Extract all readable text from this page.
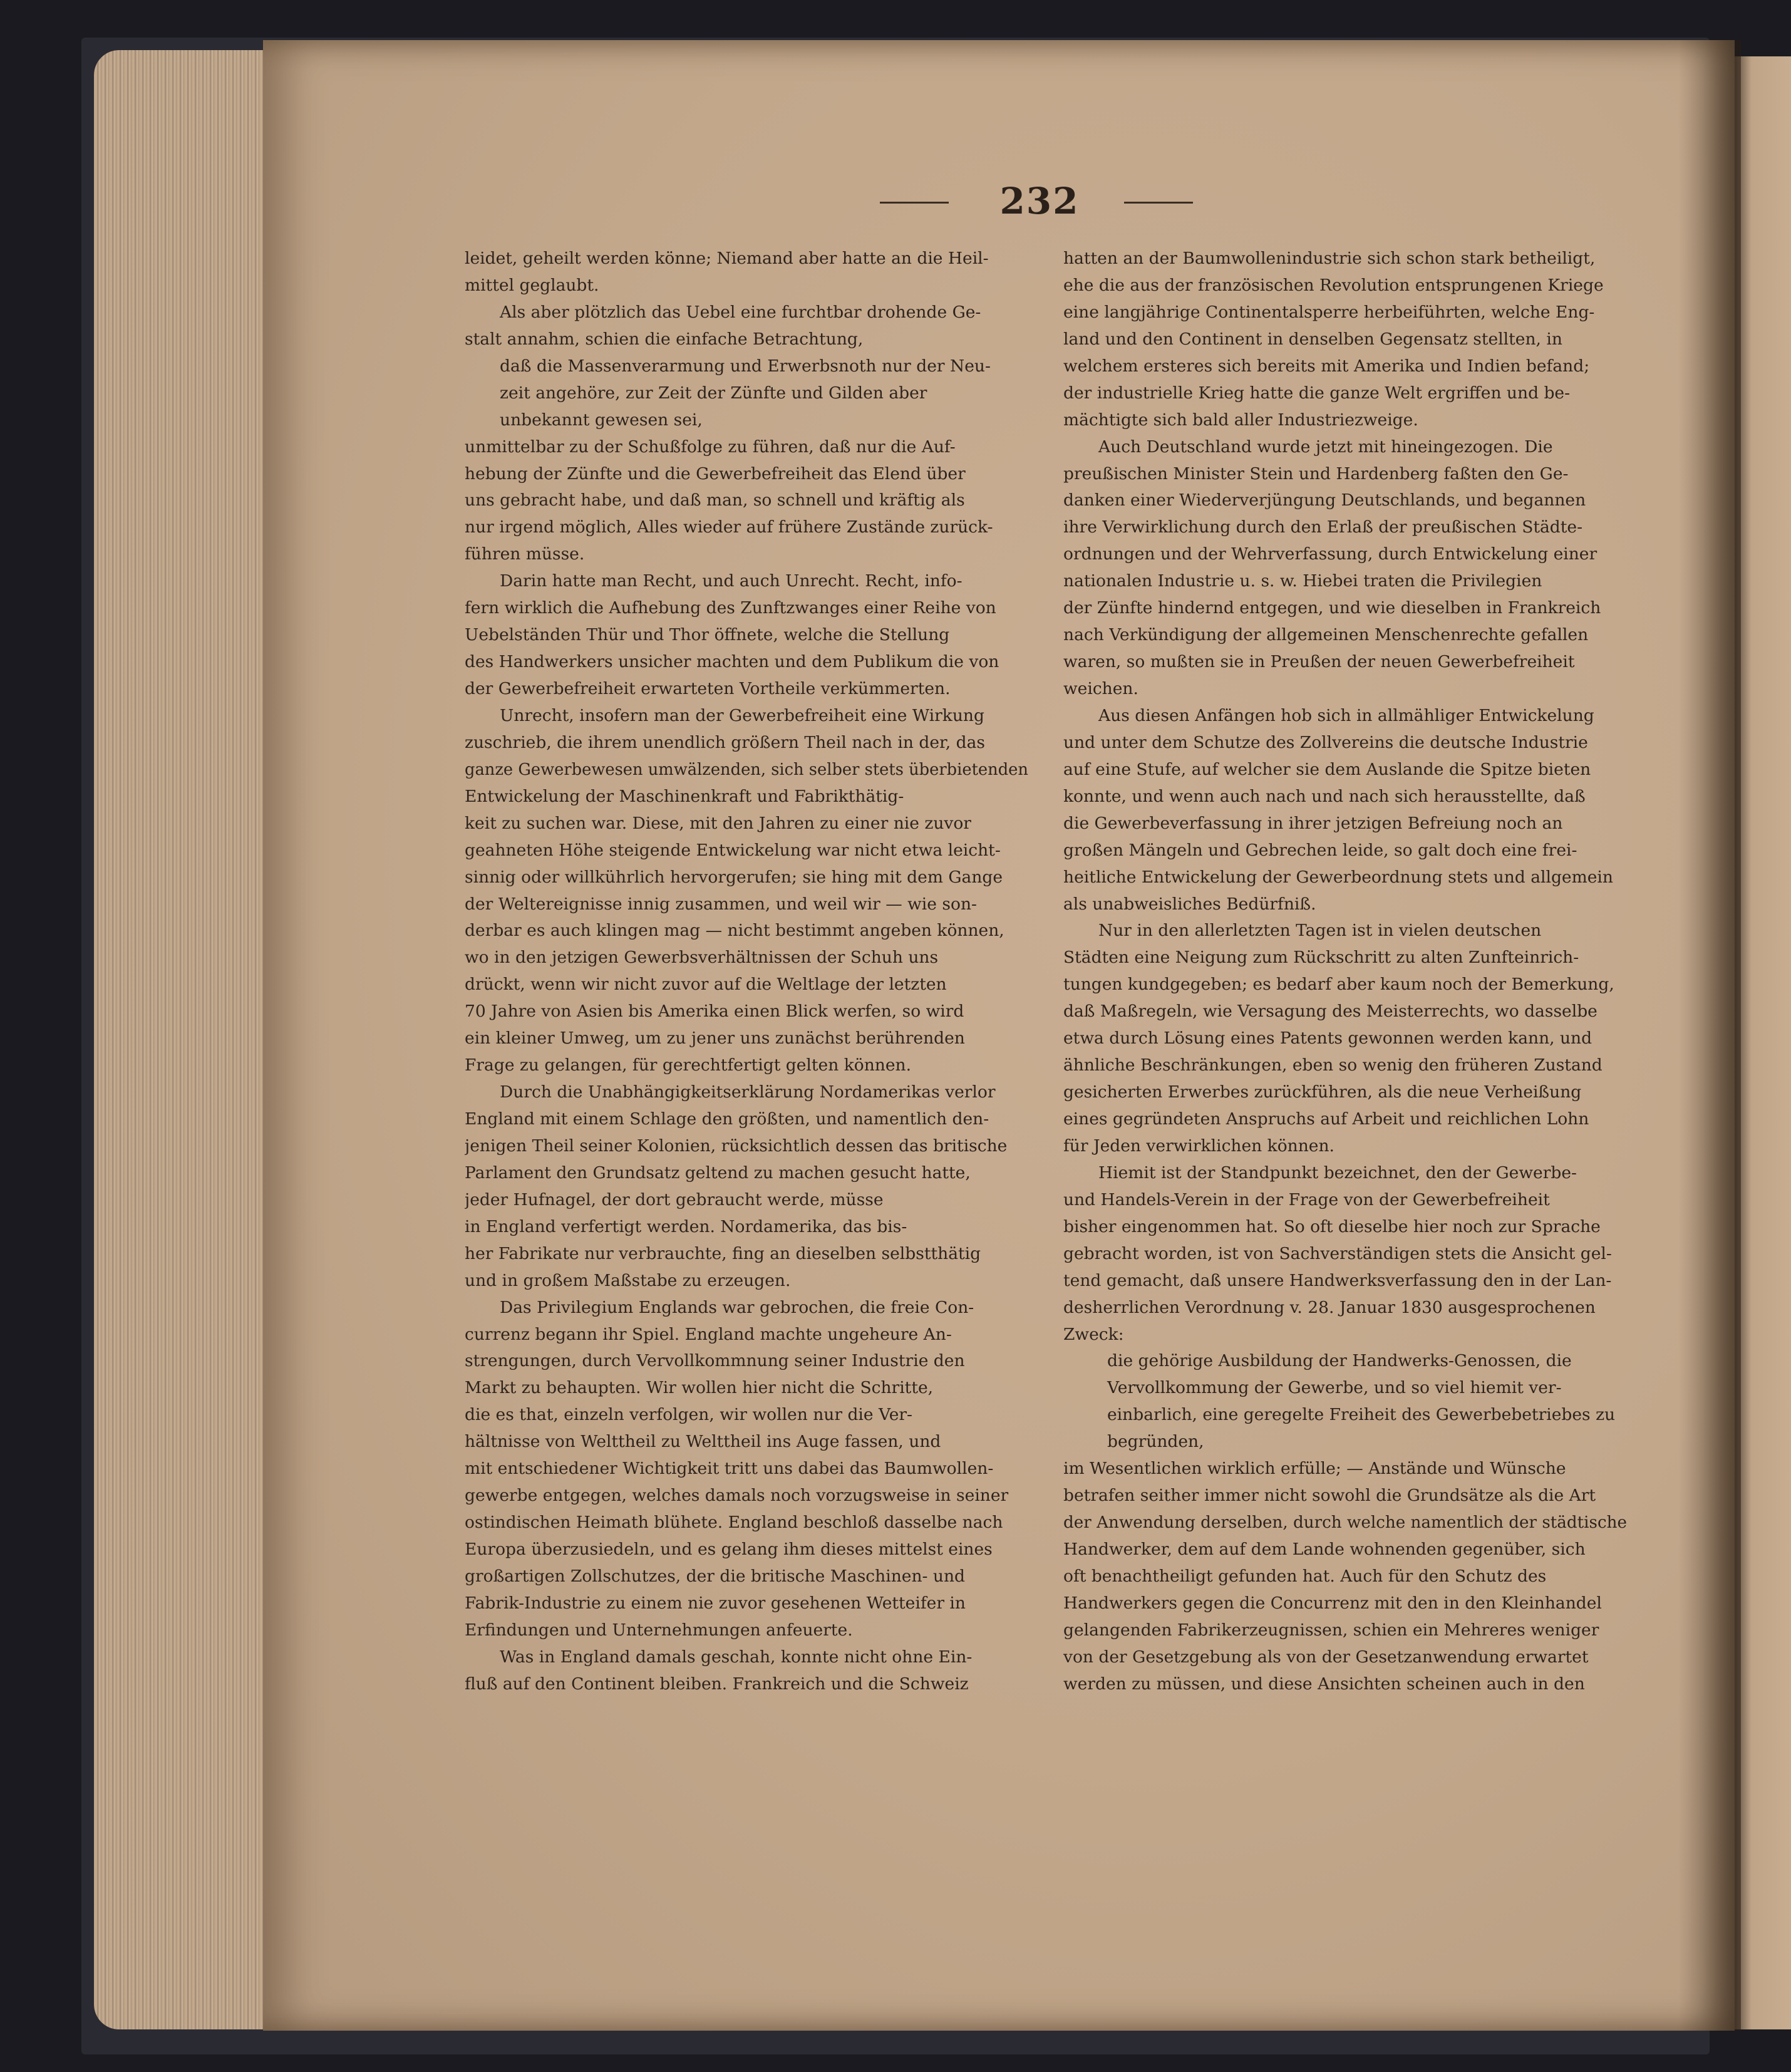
232
leidet, geheilt werden könne; Niemand aber hatte an die Heil-
mittel geglaubt.
Als aber plötzlich das Uebel eine furchtbar drohende Ge-
stalt annahm, schien die einfache Betrachtung,
daß die Massenverarmung und Erwerbsnoth nur der Neu-
zeit angehöre, zur Zeit der Zünfte und Gilden aber
unbekannt gewesen sei,
unmittelbar zu der Schußfolge zu führen, daß nur die Auf-
hebung der Zünfte und die Gewerbefreiheit das Elend über
uns gebracht habe, und daß man, so schnell und kräftig als
nur irgend möglich, Alles wieder auf frühere Zustände zurück-
führen müsse.
Darin hatte man Recht, und auch Unrecht. Recht, info-
fern wirklich die Aufhebung des Zunftzwanges einer Reihe von
Uebelständen Thür und Thor öffnete, welche die Stellung
des Handwerkers unsicher machten und dem Publikum die von
der Gewerbefreiheit erwarteten Vortheile verkümmerten.
Unrecht, insofern man der Gewerbefreiheit eine Wirkung
zuschrieb, die ihrem unendlich größern Theil nach in der, das
ganze Gewerbewesen umwälzenden, sich selber stets überbietenden
Entwickelung der Maschinenkraft und Fabrikthätig-
keit zu suchen war. Diese, mit den Jahren zu einer nie zuvor
geahneten Höhe steigende Entwickelung war nicht etwa leicht-
sinnig oder willkührlich hervorgerufen; sie hing mit dem Gange
der Weltereignisse innig zusammen, und weil wir — wie son-
derbar es auch klingen mag — nicht bestimmt angeben können,
wo in den jetzigen Gewerbsverhältnissen der Schuh uns
drückt, wenn wir nicht zuvor auf die Weltlage der letzten
70 Jahre von Asien bis Amerika einen Blick werfen, so wird
ein kleiner Umweg, um zu jener uns zunächst berührenden
Frage zu gelangen, für gerechtfertigt gelten können.
Durch die Unabhängigkeitserklärung Nordamerikas verlor
England mit einem Schlage den größten, und namentlich den-
jenigen Theil seiner Kolonien, rücksichtlich dessen das britische
Parlament den Grundsatz geltend zu machen gesucht hatte,
jeder Hufnagel, der dort gebraucht werde, müsse
in England verfertigt werden. Nordamerika, das bis-
her Fabrikate nur verbrauchte, fing an dieselben selbstthätig
und in großem Maßstabe zu erzeugen.
Das Privilegium Englands war gebrochen, die freie Con-
currenz begann ihr Spiel. England machte ungeheure An-
strengungen, durch Vervollkommnung seiner Industrie den
Markt zu behaupten. Wir wollen hier nicht die Schritte,
die es that, einzeln verfolgen, wir wollen nur die Ver-
hältnisse von Welttheil zu Welttheil ins Auge fassen, und
mit entschiedener Wichtigkeit tritt uns dabei das Baumwollen-
gewerbe entgegen, welches damals noch vorzugsweise in seiner
ostindischen Heimath blühete. England beschloß dasselbe nach
Europa überzusiedeln, und es gelang ihm dieses mittelst eines
großartigen Zollschutzes, der die britische Maschinen- und
Fabrik-Industrie zu einem nie zuvor gesehenen Wetteifer in
Erfindungen und Unternehmungen anfeuerte.
Was in England damals geschah, konnte nicht ohne Ein-
fluß auf den Continent bleiben. Frankreich und die Schweiz
hatten an der Baumwollenindustrie sich schon stark betheiligt,
ehe die aus der französischen Revolution entsprungenen Kriege
eine langjährige Continentalsperre herbeiführten, welche Eng-
land und den Continent in denselben Gegensatz stellten, in
welchem ersteres sich bereits mit Amerika und Indien befand;
der industrielle Krieg hatte die ganze Welt ergriffen und be-
mächtigte sich bald aller Industriezweige.
Auch Deutschland wurde jetzt mit hineingezogen. Die
preußischen Minister Stein und Hardenberg faßten den Ge-
danken einer Wiederverjüngung Deutschlands, und begannen
ihre Verwirklichung durch den Erlaß der preußischen Städte-
ordnungen und der Wehrverfassung, durch Entwickelung einer
nationalen Industrie u. s. w. Hiebei traten die Privilegien
der Zünfte hindernd entgegen, und wie dieselben in Frankreich
nach Verkündigung der allgemeinen Menschenrechte gefallen
waren, so mußten sie in Preußen der neuen Gewerbefreiheit
weichen.
Aus diesen Anfängen hob sich in allmähliger Entwickelung
und unter dem Schutze des Zollvereins die deutsche Industrie
auf eine Stufe, auf welcher sie dem Auslande die Spitze bieten
konnte, und wenn auch nach und nach sich herausstellte, daß
die Gewerbeverfassung in ihrer jetzigen Befreiung noch an
großen Mängeln und Gebrechen leide, so galt doch eine frei-
heitliche Entwickelung der Gewerbeordnung stets und allgemein
als unabweisliches Bedürfniß.
Nur in den allerletzten Tagen ist in vielen deutschen
Städten eine Neigung zum Rückschritt zu alten Zunfteinrich-
tungen kundgegeben; es bedarf aber kaum noch der Bemerkung,
daß Maßregeln, wie Versagung des Meisterrechts, wo dasselbe
etwa durch Lösung eines Patents gewonnen werden kann, und
ähnliche Beschränkungen, eben so wenig den früheren Zustand
gesicherten Erwerbes zurückführen, als die neue Verheißung
eines gegründeten Anspruchs auf Arbeit und reichlichen Lohn
für Jeden verwirklichen können.
Hiemit ist der Standpunkt bezeichnet, den der Gewerbe-
und Handels-Verein in der Frage von der Gewerbefreiheit
bisher eingenommen hat. So oft dieselbe hier noch zur Sprache
gebracht worden, ist von Sachverständigen stets die Ansicht gel-
tend gemacht, daß unsere Handwerksverfassung den in der Lan-
desherrlichen Verordnung v. 28. Januar 1830 ausgesprochenen
Zweck:
die gehörige Ausbildung der Handwerks-Genossen, die
Vervollkommung der Gewerbe, und so viel hiemit ver-
einbarlich, eine geregelte Freiheit des Gewerbebetriebes zu
begründen,
im Wesentlichen wirklich erfülle; — Anstände und Wünsche
betrafen seither immer nicht sowohl die Grundsätze als die Art
der Anwendung derselben, durch welche namentlich der städtische
Handwerker, dem auf dem Lande wohnenden gegenüber, sich
oft benachtheiligt gefunden hat. Auch für den Schutz des
Handwerkers gegen die Concurrenz mit den in den Kleinhandel
gelangenden Fabrikerzeugnissen, schien ein Mehreres weniger
von der Gesetzgebung als von der Gesetzanwendung erwartet
werden zu müssen, und diese Ansichten scheinen auch in den
